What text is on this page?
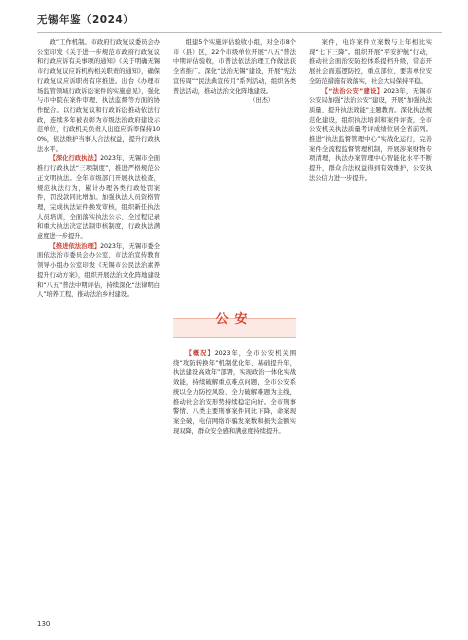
无锡年鉴（2024）

政”工作机制。市政府行政复议委员会办公室印发《关于进一步规范市政府行政复议和行政应诉有关事项的通知》《关于明确无锡市行政复议应诉机构相关职责的通知》，确保行政复议应诉职责有序推进。出台《办理市场监管领域行政诉讼案件的实施意见》，强化与市中院在案件审理、执法监督等方面的协作配合。以行政复议和行政诉讼推动依法行政，连续多年被表彰为市级法治政府建设示范单位，行政机关负责人出庭应诉率保持100%，依法维护当事人合法权益，提升行政执法水平。

【深化行政执法】2023年，无锡市全面推行行政执法“三项制度”，推进严格规范公正文明执法。全年市级部门开展执法检查，规范执法行为，累计办理各类行政处罚案件，罚没款同比增加。加强执法人员资格管理，完成执法证件换发审核，组织新任执法人员培训，全面落实执法公示、全过程记录和重大执法决定法制审核制度，行政执法满意度进一步提升。

【推进依法治理】2023年，无锡市委全面依法治市委员会办公室、市法治宣传教育领导小组办公室印发《无锡市公民法治素养提升行动方案》，组织开展法治文化阵地建设和“八五”普法中期评估，持续深化“法律明白人”培养工程，推动法治乡村建设。

组建5个实施评估验收小组，对全市8个市（县）区，22个市级单位开展“八五”普法中期评估验收，市普法依法治理工作做法获全省推广。深化“法治无锡”建设，开展“宪法宣传周”“民法典宣传月”系列活动，组织各类普法活动，推动法治文化阵地建设。

（田杰）

公安

【概况】2023年，全市公安机关围绕“攻防转换年”机制优化年、基础提升年，执法建设高效年”部署，实现政治一体化实战效能，持续破解重点难点问题，全市公安系统以全力防控风险、全力破解难题为主线，推动社会治安形势持续稳定向好。全市刑事警情、八类主要刑事案件同比下降，命案现案全破，电信网络诈骗发案数和损失金额实现双降，群众安全感和满意度持续提升。

案件，电诈案件立案数与上年相比实现“七下三降”。组织开展“平安护航”行动，推动社会面治安防控体系提档升级，常态开展社会面巡逻防控，重点部位、要害单位安全防范措施有效落实，社会大局保持平稳。

【“法治公安”建设】2023年，无锡市公安局加强“法治公安”建设，开展“加强执法质量、提升执法效能”主题教育。深化执法规范化建设，组织执法培训和案件评查，全市公安机关执法质量考评成绩位居全省前列。推进“执法监督管理中心”实战化运行，完善案件全流程监督管理机制，开展涉案财物专项清理，执法办案管理中心智能化水平不断提升，群众合法权益得到有效维护，公安执法公信力进一步提升。

130
